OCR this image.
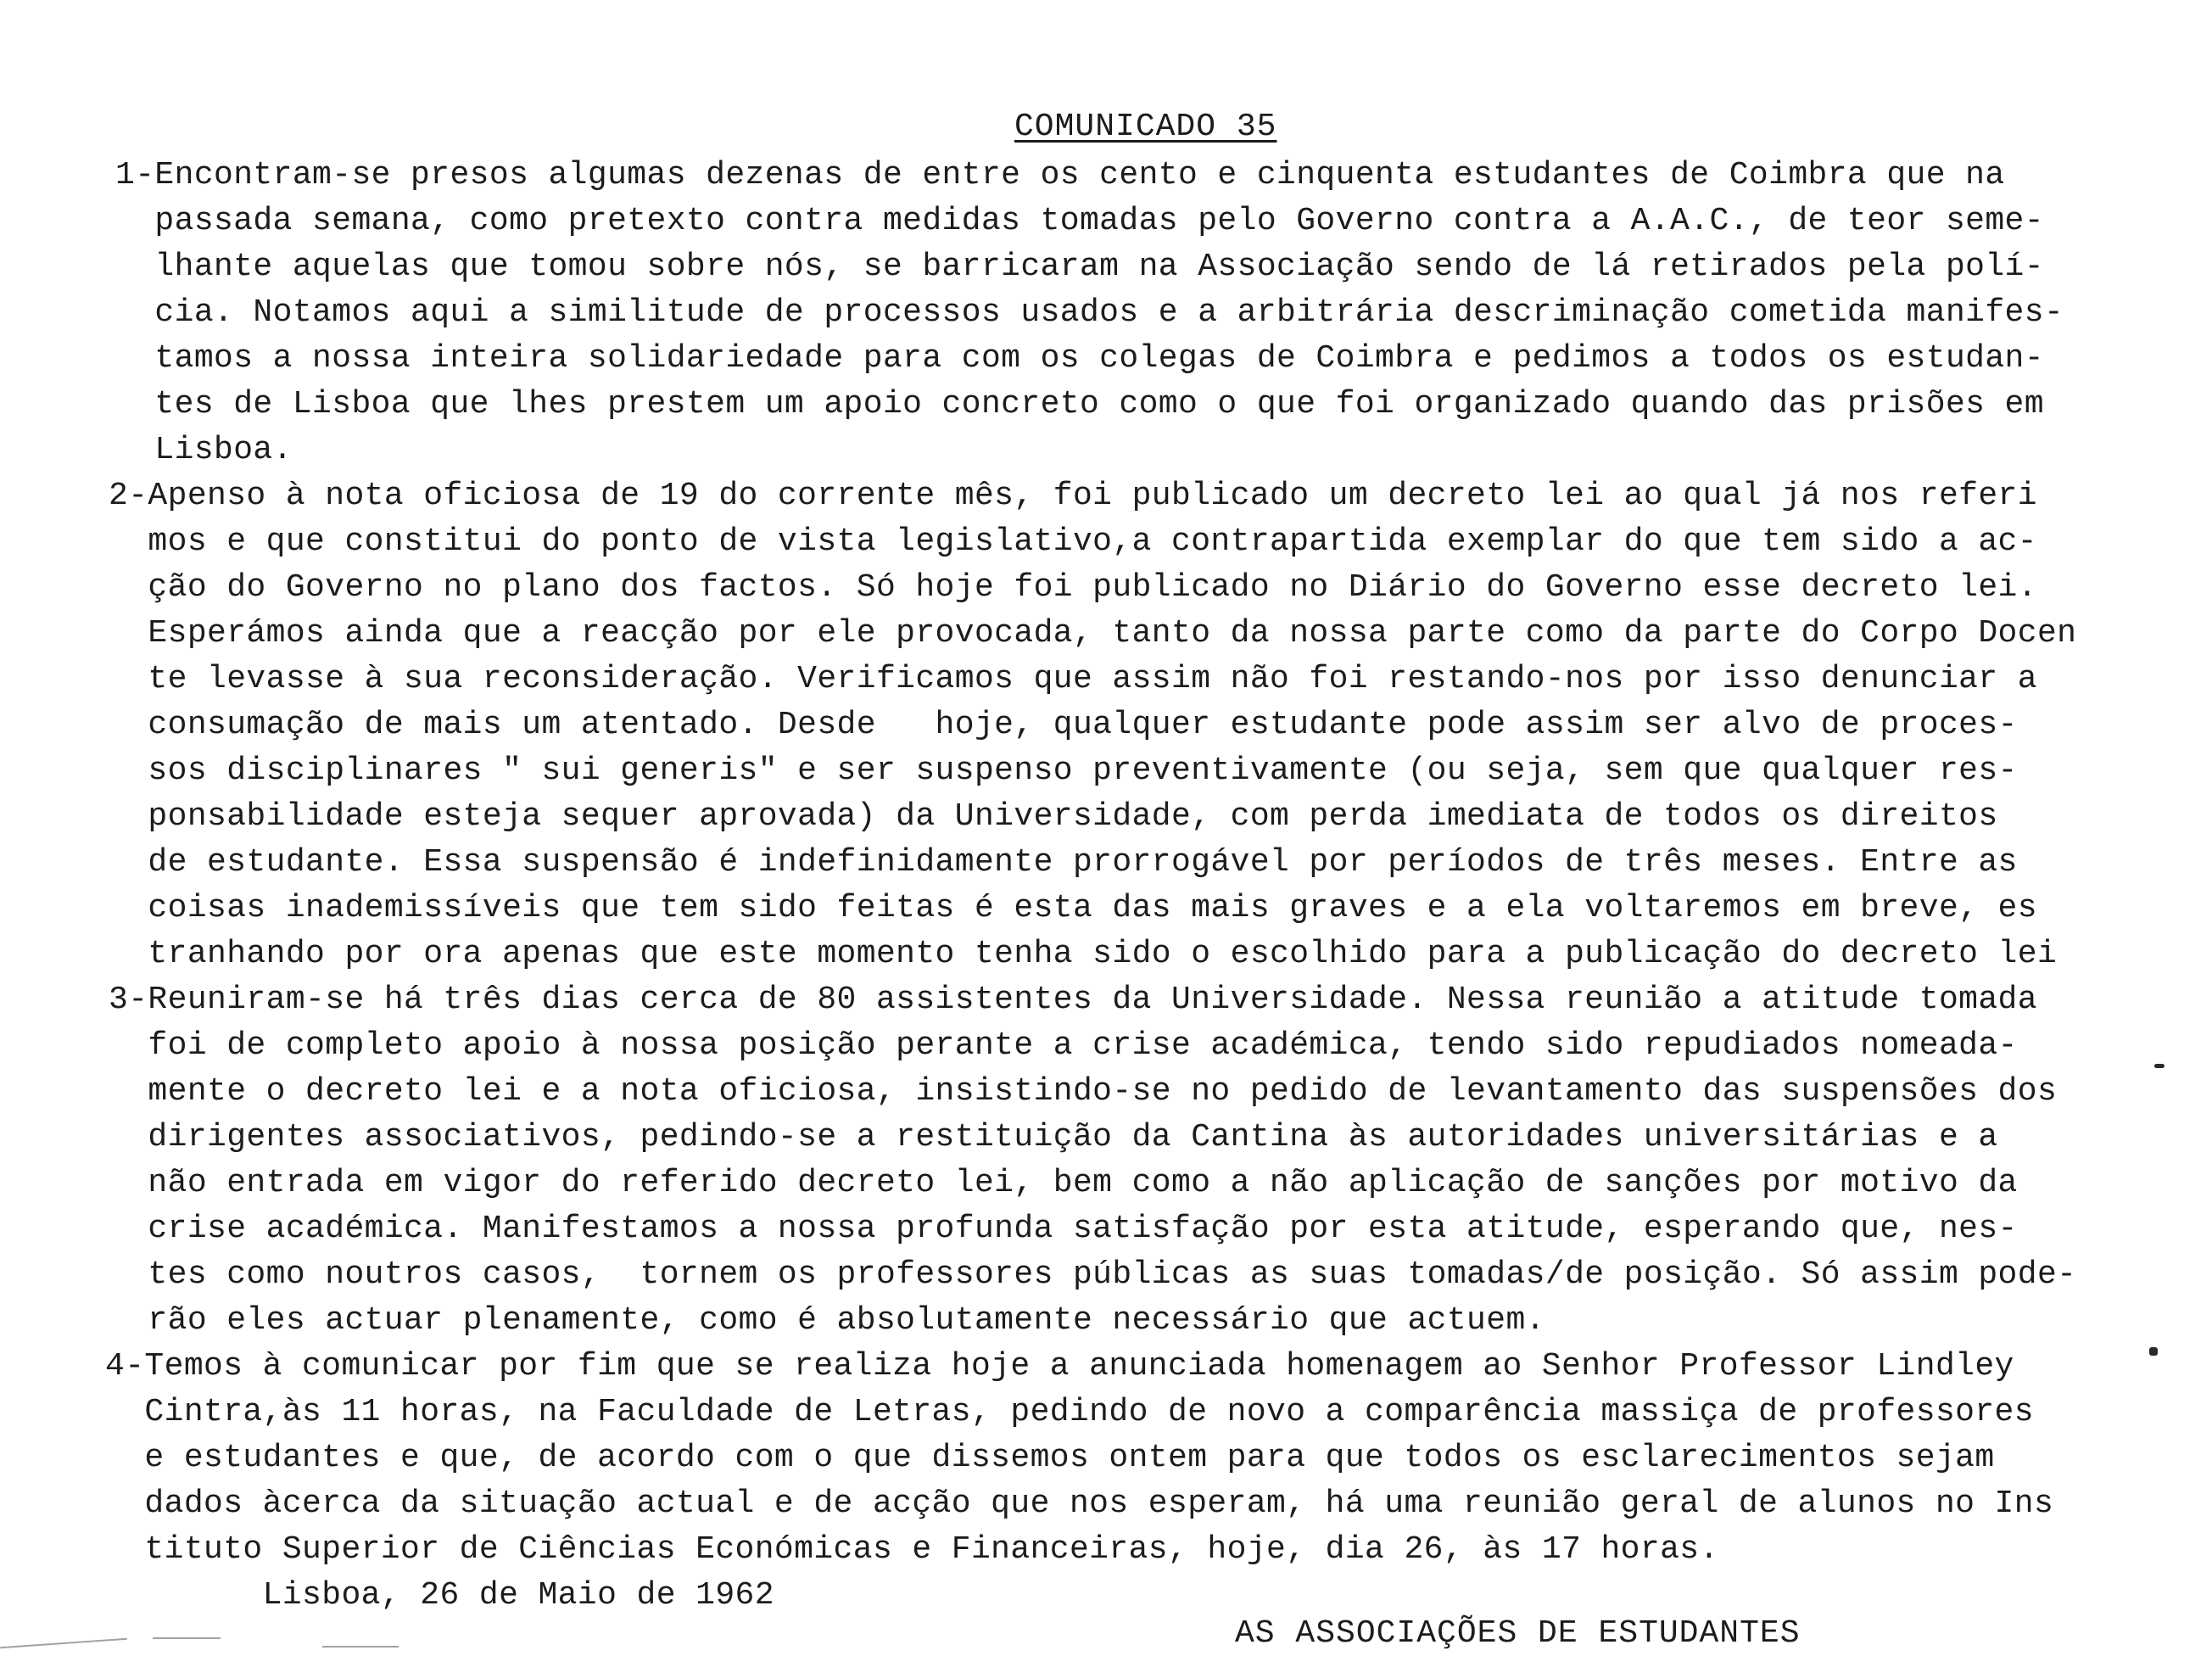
COMUNICADO 35
1-Encontram-se presos algumas dezenas de entre os cento e cinquenta estudantes de Coimbra que na
passada semana, como pretexto contra medidas tomadas pelo Governo contra a A.A.C., de teor seme-
lhante aquelas que tomou sobre nós, se barricaram na Associação sendo de lá retirados pela polí-
cia. Notamos aqui a similitude de processos usados e a arbitrária descriminação cometida manifes-
tamos a nossa inteira solidariedade para com os colegas de Coimbra e pedimos a todos os estudan-
tes de Lisboa que lhes prestem um apoio concreto como o que foi organizado quando das prisões em
Lisboa.
2-Apenso à nota oficiosa de 19 do corrente mês, foi publicado um decreto lei ao qual já nos referi
mos e que constitui do ponto de vista legislativo,a contrapartida exemplar do que tem sido a ac-
ção do Governo no plano dos factos. Só hoje foi publicado no Diário do Governo esse decreto lei.
Esperámos ainda que a reacção por ele provocada, tanto da nossa parte como da parte do Corpo Docen
te levasse à sua reconsideração. Verificamos que assim não foi restando-nos por isso denunciar a
consumação de mais um atentado. Desde   hoje, qualquer estudante pode assim ser alvo de proces-
sos disciplinares " sui generis" e ser suspenso preventivamente (ou seja, sem que qualquer res-
ponsabilidade esteja sequer aprovada) da Universidade, com perda imediata de todos os direitos
de estudante. Essa suspensão é indefinidamente prorrogável por períodos de três meses. Entre as
coisas inademissíveis que tem sido feitas é esta das mais graves e a ela voltaremos em breve, es
tranhando por ora apenas que este momento tenha sido o escolhido para a publicação do decreto lei
3-Reuniram-se há três dias cerca de 80 assistentes da Universidade. Nessa reunião a atitude tomada
foi de completo apoio à nossa posição perante a crise académica, tendo sido repudiados nomeada-
mente o decreto lei e a nota oficiosa, insistindo-se no pedido de levantamento das suspensões dos
dirigentes associativos, pedindo-se a restituição da Cantina às autoridades universitárias e a
não entrada em vigor do referido decreto lei, bem como a não aplicação de sanções por motivo da
crise académica. Manifestamos a nossa profunda satisfação por esta atitude, esperando que, nes-
tes como noutros casos,  tornem os professores públicas as suas tomadas/de posição. Só assim pode-
rão eles actuar plenamente, como é absolutamente necessário que actuem.
4-Temos à comunicar por fim que se realiza hoje a anunciada homenagem ao Senhor Professor Lindley
Cintra,às 11 horas, na Faculdade de Letras, pedindo de novo a comparência massiça de professores
e estudantes e que, de acordo com o que dissemos ontem para que todos os esclarecimentos sejam
dados àcerca da situação actual e de acção que nos esperam, há uma reunião geral de alunos no Ins
tituto Superior de Ciências Económicas e Financeiras, hoje, dia 26, às 17 horas.
Lisboa, 26 de Maio de 1962
AS ASSOCIAÇÕES DE ESTUDANTES
